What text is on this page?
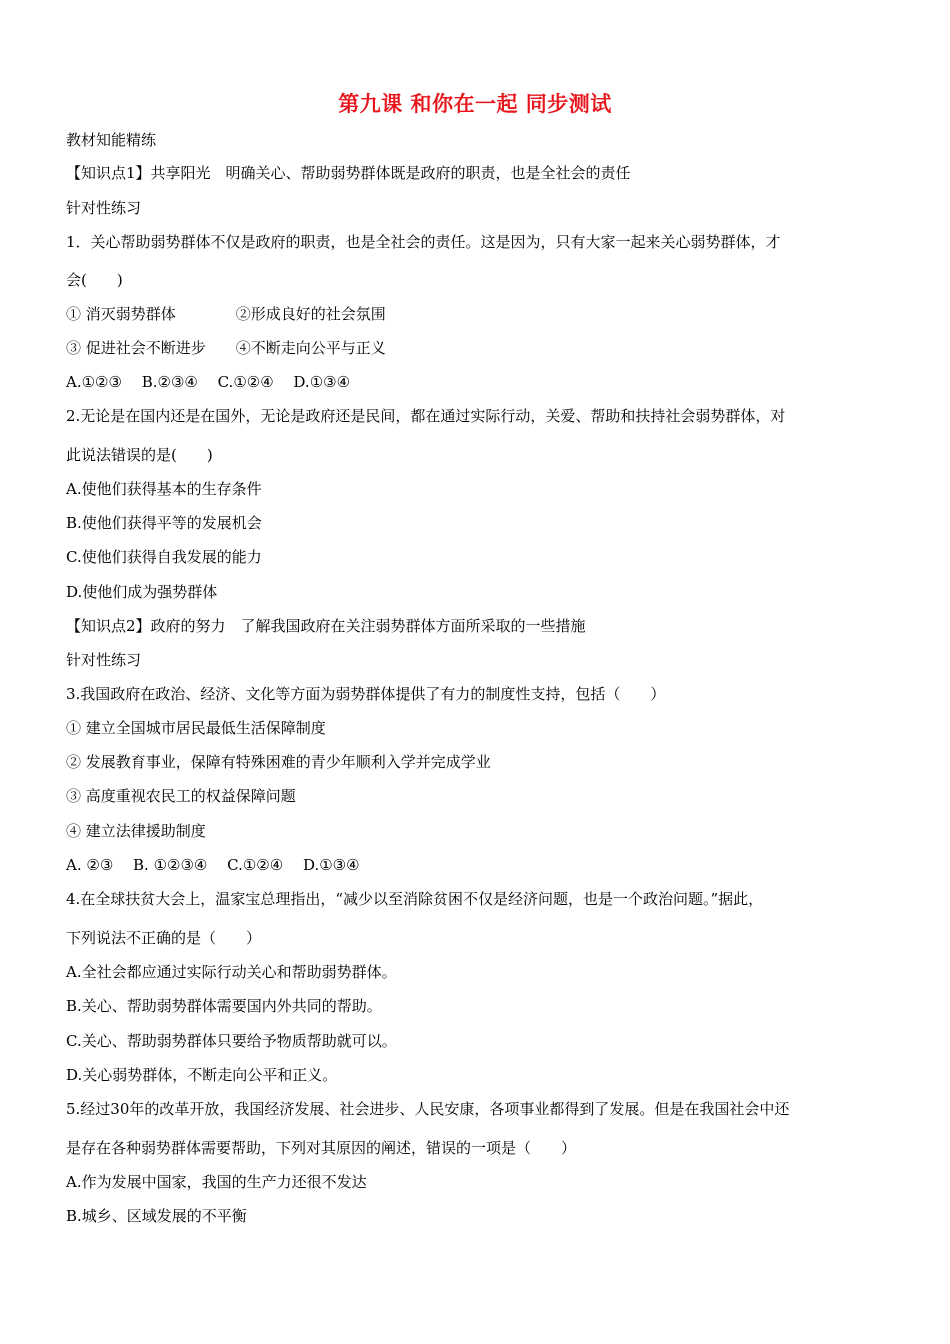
第九课 和你在一起 同步测试
教材知能精练
【知识点1】共享阳光　明确关心、帮助弱势群体既是政府的职责，也是全社会的责任
针对性练习
1．关心帮助弱势群体不仅是政府的职责，也是全社会的责任。这是因为，只有大家一起来关心弱势群体，才
会(　　)
① 消灭弱势群体　　　　②形成良好的社会氛围
③ 促进社会不断进步　　④不断走向公平与正义
A.①②③　 B.②③④　 C.①②④　 D.①③④
2.无论是在国内还是在国外，无论是政府还是民间，都在通过实际行动，关爱、帮助和扶持社会弱势群体，对
此说法错误的是(　　)
A.使他们获得基本的生存条件
B.使他们获得平等的发展机会
C.使他们获得自我发展的能力
D.使他们成为强势群体
【知识点2】政府的努力　了解我国政府在关注弱势群体方面所采取的一些措施
针对性练习
3.我国政府在政治、经济、文化等方面为弱势群体提供了有力的制度性支持，包括（　　）
① 建立全国城市居民最低生活保障制度
② 发展教育事业，保障有特殊困难的青少年顺利入学并完成学业
③ 高度重视农民工的权益保障问题
④ 建立法律援助制度
A. ②③　 B. ①②③④　 C.①②④　 D.①③④
4.在全球扶贫大会上，温家宝总理指出，“减少以至消除贫困不仅是经济问题，也是一个政治问题。”据此，
下列说法不正确的是（　　）
A.全社会都应通过实际行动关心和帮助弱势群体。
B.关心、帮助弱势群体需要国内外共同的帮助。
C.关心、帮助弱势群体只要给予物质帮助就可以。
D.关心弱势群体，不断走向公平和正义。
5.经过30年的改革开放，我国经济发展、社会进步、人民安康，各项事业都得到了发展。但是在我国社会中还
是存在各种弱势群体需要帮助，下列对其原因的阐述，错误的一项是（　　）
A.作为发展中国家，我国的生产力还很不发达
B.城乡、区域发展的不平衡
